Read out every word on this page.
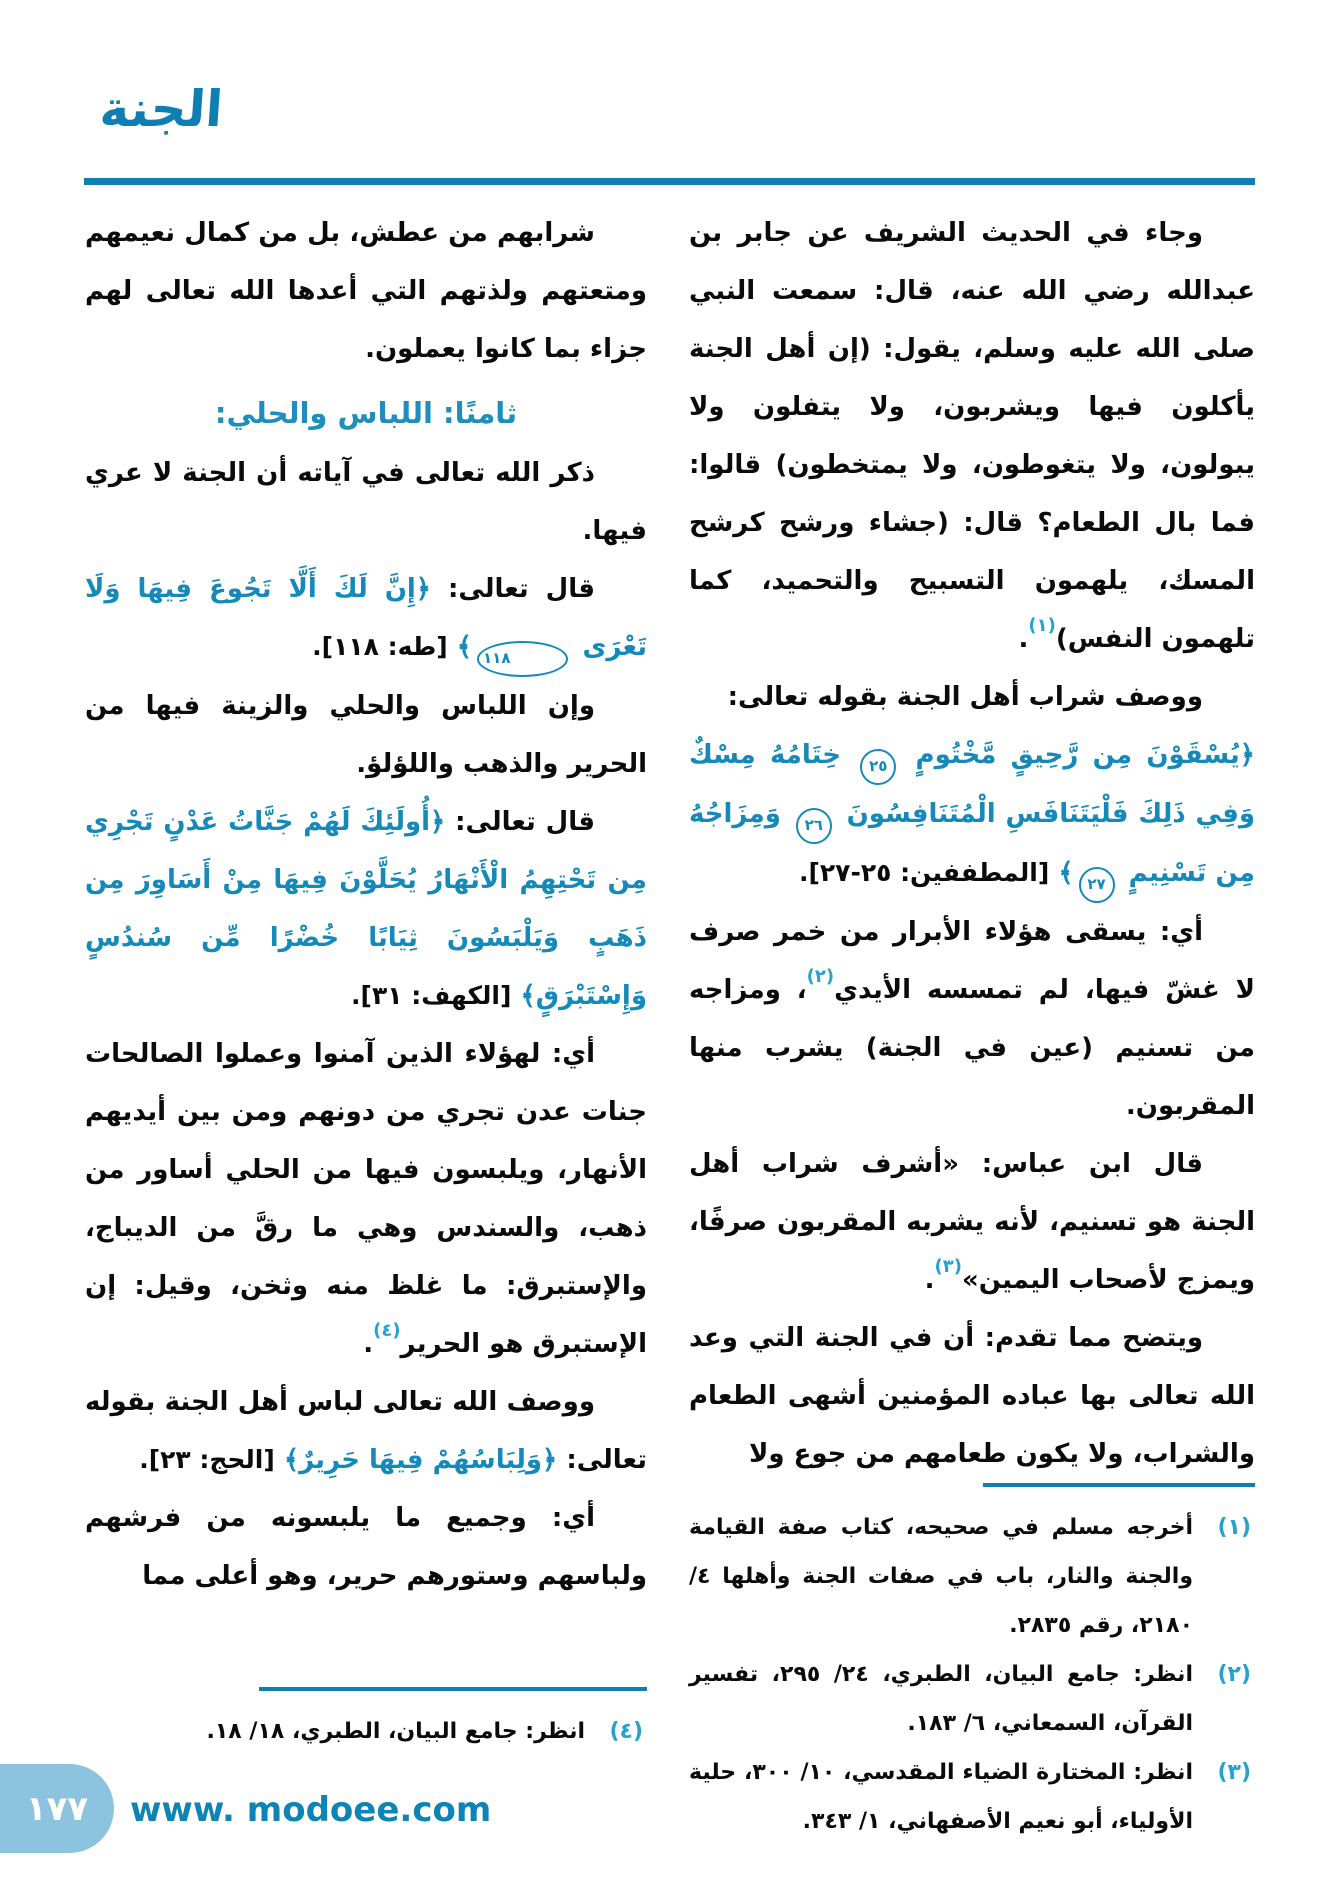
الجنة

وجاء في الحديث الشريف عن جابر بن عبدالله رضي الله عنه، قال: سمعت النبي صلى الله عليه وسلم، يقول: (إن أهل الجنة يأكلون فيها ويشربون، ولا يتفلون ولا يبولون، ولا يتغوطون، ولا يمتخطون) قالوا: فما بال الطعام؟ قال: (جشاء ورشح كرشح المسك، يلهمون التسبيح والتحميد، كما تلهمون النفس)$^{(١)}$.

ووصف شراب أهل الجنة بقوله تعالى:

﴿يُسْقَوْنَ مِن رَّحِيقٍ مَّخْتُومٍ ٢٥ خِتَامُهُ مِسْكٌ وَفِي ذَلِكَ فَلْيَتَنَافَسِ الْمُتَنَافِسُونَ ٢٦ وَمِزَاجُهُ مِن تَسْنِيمٍ ٢٧﴾ [المطففين: ٢٥-٢٧].

أي: يسقى هؤلاء الأبرار من خمر صرف لا غشّ فيها، لم تمسسه الأيدي$^{(٢)}$، ومزاجه من تسنيم (عين في الجنة) يشرب منها المقربون.

قال ابن عباس: «أشرف شراب أهل الجنة هو تسنيم، لأنه يشربه المقربون صرفًا، ويمزج لأصحاب اليمين»$^{(٣)}$.

ويتضح مما تقدم: أن في الجنة التي وعد الله تعالى بها عباده المؤمنين أشهى الطعام والشراب، ولا يكون طعامهم من جوع ولا

(١)
أخرجه مسلم في صحيحه، كتاب صفة القيامة والجنة والنار، باب في صفات الجنة وأهلها ٤/ ٢١٨٠، رقم ٢٨٣٥.
(٢)
انظر: جامع البيان، الطبري، ٢٤/ ٢٩٥، تفسير القرآن، السمعاني، ٦/ ١٨٣.
(٣)
انظر: المختارة الضياء المقدسي، ١٠/ ٣٠٠، حلية الأولياء، أبو نعيم الأصفهاني، ١/ ٣٤٣.

شرابهم من عطش، بل من كمال نعيمهم ومتعتهم ولذتهم التي أعدها الله تعالى لهم جزاء بما كانوا يعملون.

ثامنًا: اللباس والحلي:

ذكر الله تعالى في آياته أن الجنة لا عري فيها.

قال تعالى: ﴿إِنَّ لَكَ أَلَّا تَجُوعَ فِيهَا وَلَا تَعْرَى ١١٨﴾ [طه: ١١٨].

وإن اللباس والحلي والزينة فيها من الحرير والذهب واللؤلؤ.

قال تعالى: ﴿أُولَئِكَ لَهُمْ جَنَّاتُ عَدْنٍ تَجْرِي مِن تَحْتِهِمُ الْأَنْهَارُ يُحَلَّوْنَ فِيهَا مِنْ أَسَاوِرَ مِن ذَهَبٍ وَيَلْبَسُونَ ثِيَابًا خُضْرًا مِّن سُندُسٍ وَإِسْتَبْرَقٍ﴾ [الكهف: ٣١].

أي: لهؤلاء الذين آمنوا وعملوا الصالحات جنات عدن تجري من دونهم ومن بين أيديهم الأنهار، ويلبسون فيها من الحلي أساور من ذهب، والسندس وهي ما رقَّ من الديباج، والإستبرق: ما غلظ منه وثخن، وقيل: إن الإستبرق هو الحرير$^{(٤)}$.

ووصف الله تعالى لباس أهل الجنة بقوله تعالى: ﴿وَلِبَاسُهُمْ فِيهَا حَرِيرٌ﴾ [الحج: ٢٣].

أي: وجميع ما يلبسونه من فرشهم ولباسهم وستورهم حرير، وهو أعلى مما

(٤)
انظر: جامع البيان، الطبري، ١٨/ ١٨.
١٧٧ www. modoee.com
